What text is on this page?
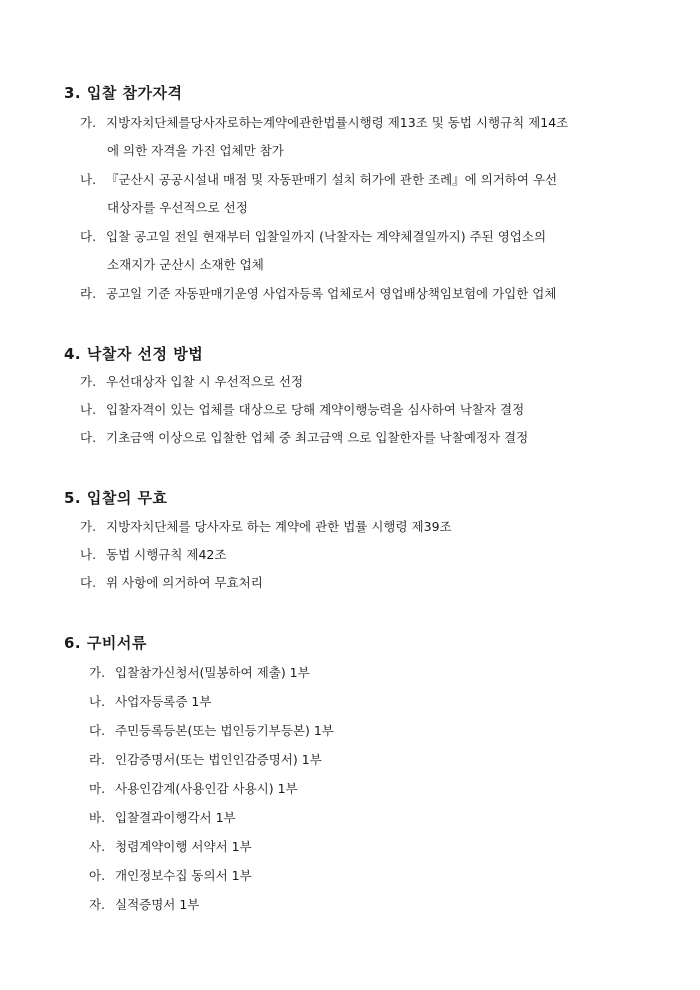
3. 입찰 참가자격
가. 지방자치단체를당사자로하는계약에관한법률시행령 제13조 및 동법 시행규칙 제14조
에 의한 자격을 가진 업체만 참가
나. 『군산시 공공시설내 매점 및 자동판매기 설치 허가에 관한 조례』에 의거하여 우선
대상자를 우선적으로 선정
다. 입찰 공고일 전일 현재부터 입찰일까지 (낙찰자는 계약체결일까지) 주된 영업소의
소재지가 군산시 소재한 업체
라. 공고일 기준 자동판매기운영 사업자등록 업체로서 영업배상책임보험에 가입한 업체
4. 낙찰자 선정 방법
가. 우선대상자 입찰 시 우선적으로 선정
나. 입찰자격이 있는 업체를 대상으로 당해 계약이행능력을 심사하여 낙찰자 결정
다. 기초금액 이상으로 입찰한 업체 중 최고금액 으로 입찰한자를 낙찰예정자 결정
5. 입찰의 무효
가. 지방자치단체를 당사자로 하는 계약에 관한 법률 시행령 제39조
나. 동법 시행규칙 제42조
다. 위 사항에 의거하여 무효처리
6. 구비서류
가. 입찰참가신청서(밀봉하여 제출) 1부
나. 사업자등록증 1부
다. 주민등록등본(또는 법인등기부등본) 1부
라. 인감증명서(또는 법인인감증명서) 1부
마. 사용인감계(사용인감 사용시) 1부
바. 입찰결과이행각서 1부
사. 청렴계약이행 서약서 1부
아. 개인정보수집 동의서 1부
자. 실적증명서 1부
